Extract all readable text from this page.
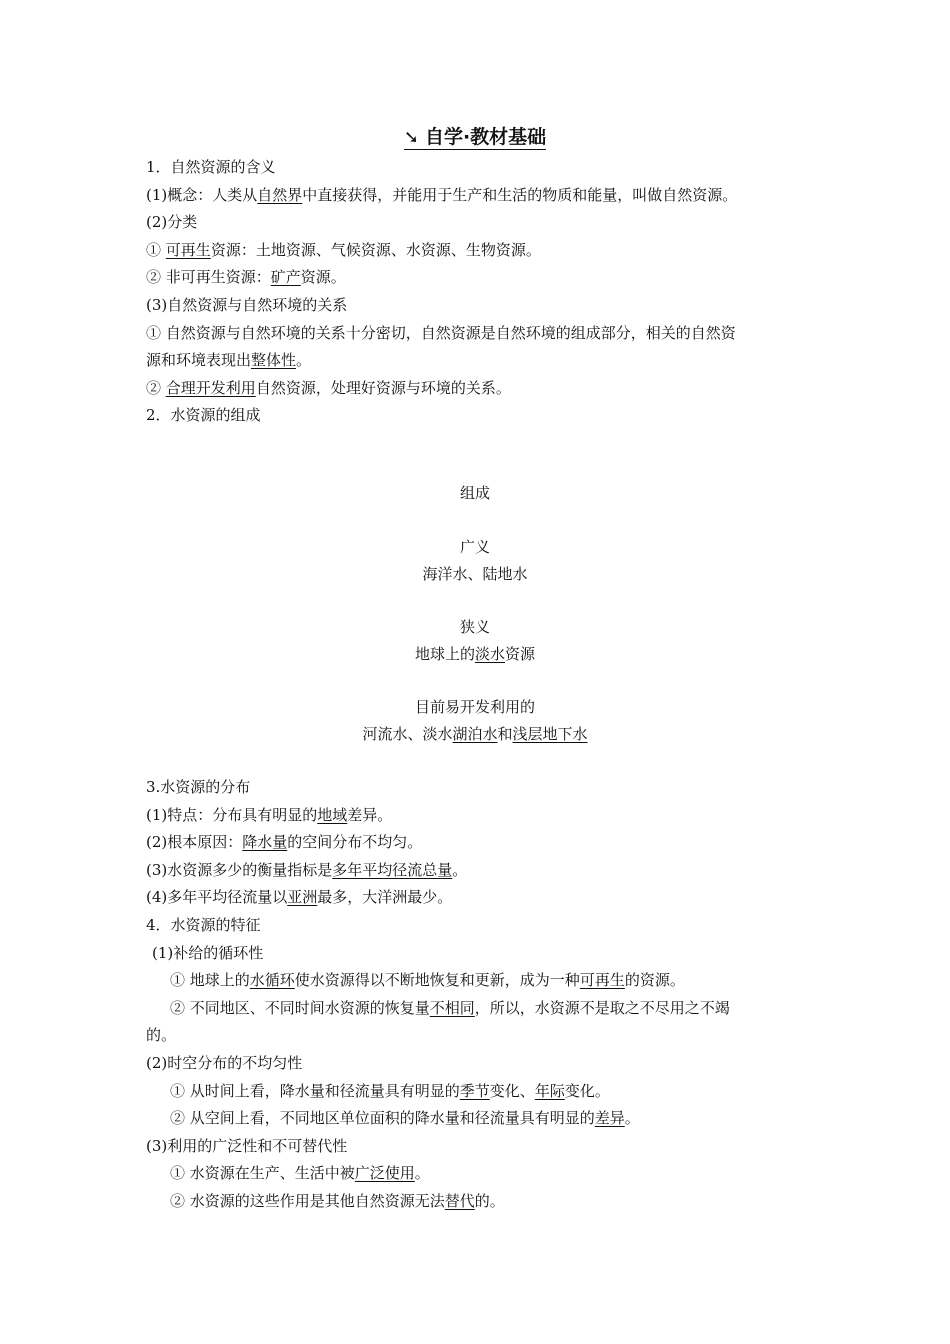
➘ 自学·教材基础
1．自然资源的含义
(1)概念：人类从自然界中直接获得，并能用于生产和生活的物质和能量，叫做自然资源。
(2)分类
① 可再生资源：土地资源、气候资源、水资源、生物资源。
② 非可再生资源：矿产资源。
(3)自然资源与自然环境的关系
① 自然资源与自然环境的关系十分密切，自然资源是自然环境的组成部分，相关的自然资
源和环境表现出整体性。
② 合理开发利用自然资源，处理好资源与环境的关系。
2．水资源的组成
组成
广义
海洋水、陆地水
狭义
地球上的淡水资源
目前易开发利用的
河流水、淡水湖泊水和浅层地下水
3.水资源的分布
(1)特点：分布具有明显的地域差异。
(2)根本原因：降水量的空间分布不均匀。
(3)水资源多少的衡量指标是多年平均径流总量。
(4)多年平均径流量以亚洲最多，大洋洲最少。
4．水资源的特征
(1)补给的循环性
① 地球上的水循环使水资源得以不断地恢复和更新，成为一种可再生的资源。
② 不同地区、不同时间水资源的恢复量不相同，所以，水资源不是取之不尽用之不竭
的。
(2)时空分布的不均匀性
① 从时间上看，降水量和径流量具有明显的季节变化、年际变化。
② 从空间上看，不同地区单位面积的降水量和径流量具有明显的差异。
(3)利用的广泛性和不可替代性
① 水资源在生产、生活中被广泛使用。
② 水资源的这些作用是其他自然资源无法替代的。
